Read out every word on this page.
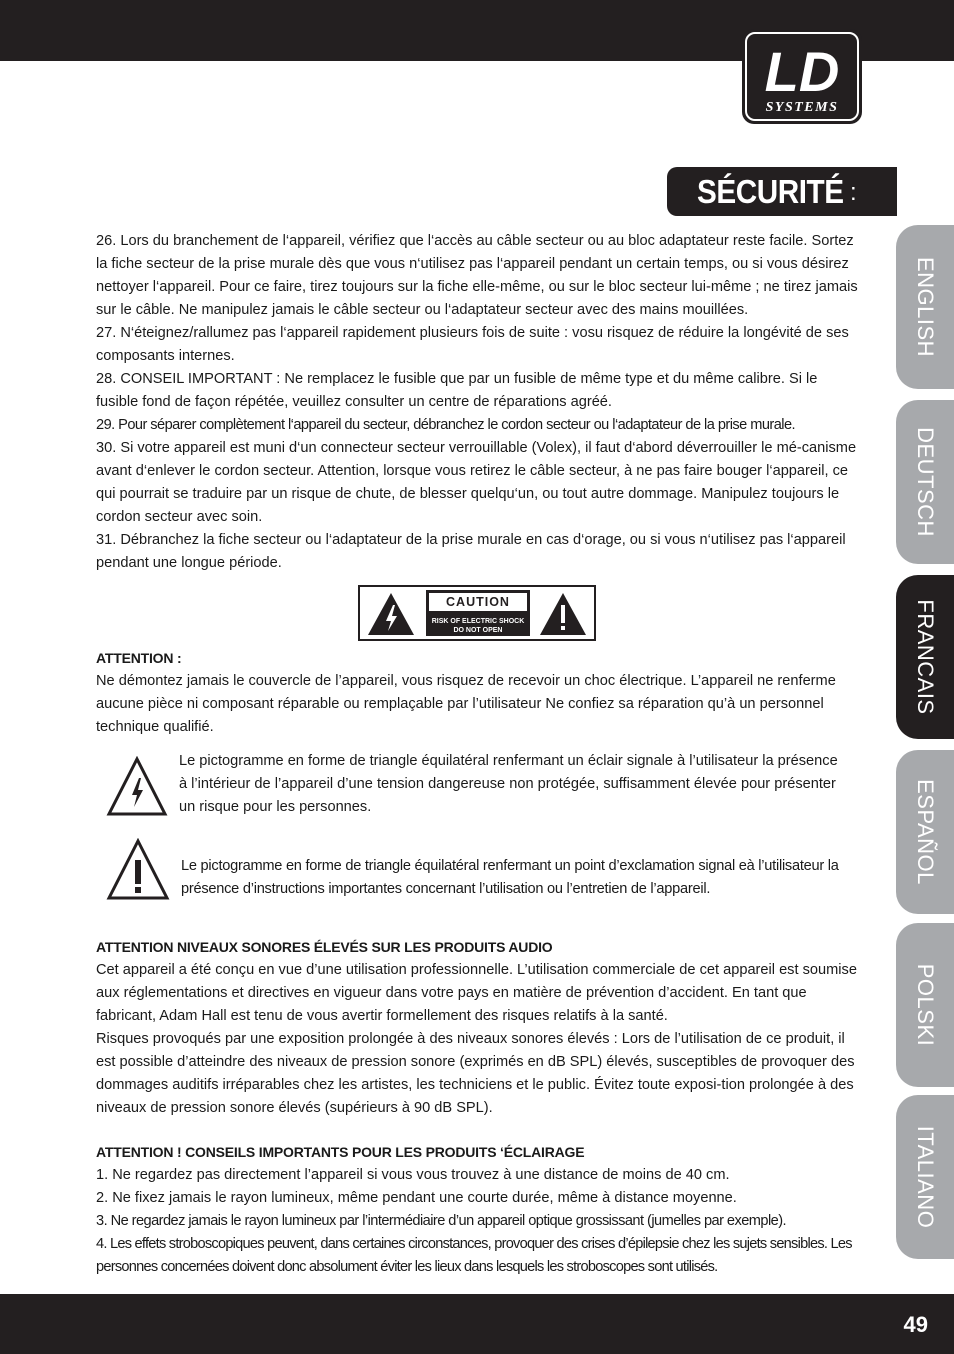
LD
SYSTEMS
SÉCURITÉ :
ENGLISH
DEUTSCH
FRANCAIS
ESPAÑOL
POLSKI
ITALIANO

26. Lors du branchement de l‘appareil, vérifiez que l‘accès au câble secteur ou au bloc adaptateur reste facile. Sortez la fiche secteur de la prise murale dès que vous n‘utilisez pas l‘appareil pendant un certain temps, ou si vous désirez nettoyer l‘appareil. Pour ce faire, tirez toujours sur la fiche elle-même, ou sur le bloc secteur lui-même ; ne tirez jamais sur le câble. Ne manipulez jamais le câble secteur ou l‘adaptateur secteur avec des mains mouillées.

27. N‘éteignez/rallumez pas l‘appareil rapidement plusieurs fois de suite : vosu risquez de réduire la longévité de ses composants internes.

28. CONSEIL IMPORTANT : Ne remplacez le fusible que par un fusible de même type et du même calibre. Si le fusible fond de façon répétée, veuillez consulter un centre de réparations agréé.

29. Pour séparer complètement l‘appareil du secteur, débranchez le cordon secteur ou l‘adaptateur de la prise murale.

30. Si votre appareil est muni d‘un connecteur secteur verrouillable (Volex), il faut d‘abord déverrouiller le mé-canisme avant d‘enlever le cordon secteur. Attention, lorsque vous retirez le câble secteur, à ne pas faire bouger l‘appareil, ce qui pourrait se traduire par un risque de chute, de blesser quelqu‘un, ou tout autre dommage. Manipulez toujours le cordon secteur avec soin.

31. Débranchez la fiche secteur ou l‘adaptateur de la prise murale en cas d‘orage, ou si vous n‘utilisez pas l‘appareil pendant une longue période.

CAUTION
RISK OF ELECTRIC SHOCK
DO NOT OPEN

ATTENTION :

Ne démontez jamais le couvercle de l’appareil, vous risquez de recevoir un choc électrique. L’appareil ne renferme aucune pièce ni composant réparable ou remplaçable par l’utilisateur Ne confiez sa réparation qu’à un personnel technique qualifié.

Le pictogramme en forme de triangle équilatéral renfermant un éclair signale à l’utilisateur la présence à l’intérieur de l’appareil d’une tension dangereuse non protégée, suffisamment élevée pour présenter un risque pour les personnes.
Le pictogramme en forme de triangle équilatéral renfermant un point d’exclamation signal eà l’utilisateur la présence d’instructions importantes concernant l’utilisation ou l’entretien de l’appareil.

ATTENTION NIVEAUX SONORES ÉLEVÉS SUR LES PRODUITS AUDIO

Cet appareil a été conçu en vue d’une utilisation professionnelle. L’utilisation commerciale de cet appareil est soumise aux réglementations et directives en vigueur dans votre pays en matière de prévention d’accident. En tant que fabricant, Adam Hall est tenu de vous avertir formellement des risques relatifs à la santé.

Risques provoqués par une exposition prolongée à des niveaux sonores élevés : Lors de l’utilisation de ce produit, il est possible d’atteindre des niveaux de pression sonore (exprimés en dB SPL) élevés, susceptibles de provoquer des dommages auditifs irréparables chez les artistes, les techniciens et le public. Évitez toute exposi-tion prolongée à des niveaux de pression sonore élevés (supérieurs à 90 dB SPL).

ATTENTION ! CONSEILS IMPORTANTS POUR LES PRODUITS ‘ÉCLAIRAGE

1. Ne regardez pas directement l’appareil si vous vous trouvez à une distance de moins de 40 cm.

2. Ne fixez jamais le rayon lumineux, même pendant une courte durée, même à distance moyenne.

3. Ne regardez jamais le rayon lumineux par l’intermédiaire d’un appareil optique grossissant (jumelles par exemple).

4. Les effets stroboscopiques peuvent, dans certaines circonstances, provoquer des crises d’épilepsie chez les sujets sensibles. Les personnes concernées doivent donc absolument éviter les lieux dans lesquels les stroboscopes sont utilisés.

49
